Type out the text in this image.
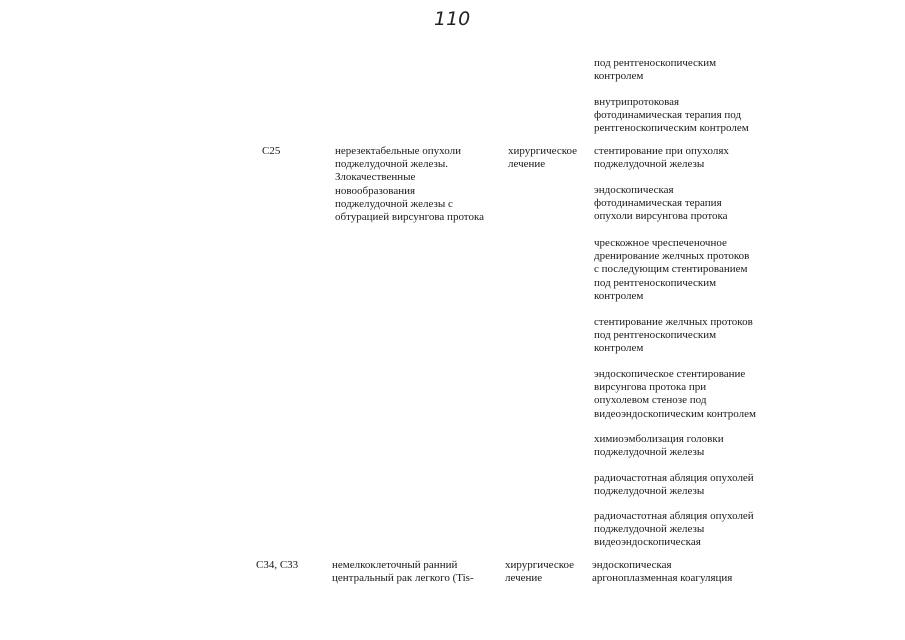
110
под рентгеноскопическим
контролем
внутрипротоковая
фотодинамическая терапия под
рентгеноскопическим контролем
C25	нерезектабельные опухоли
поджелудочной железы.
Злокачественные
новообразования
поджелудочной железы с
обтурацией вирсунгова протока
хирургическое
лечение
стентирование при опухолях
поджелудочной железы
эндоскопическая
фотодинамическая терапия
опухоли вирсунгова протока
чрескожное чреспеченочное
дренирование желчных протоков
с последующим стентированием
под рентгеноскопическим
контролем
стентирование желчных протоков
под рентгеноскопическим
контролем
эндоскопическое стентирование
вирсунгова протока при
опухолевом стенозе под
видеоэндоскопическим контролем
химиоэмболизация головки
поджелудочной железы
радиочастотная абляция опухолей
поджелудочной железы
радиочастотная абляция опухолей
поджелудочной железы
видеоэндоскопическая
C34, C33	немелкоклеточный ранний
центральный рак легкого (Tis-
хирургическое
лечение
эндоскопическая
аргоноплазменная коагуляция
